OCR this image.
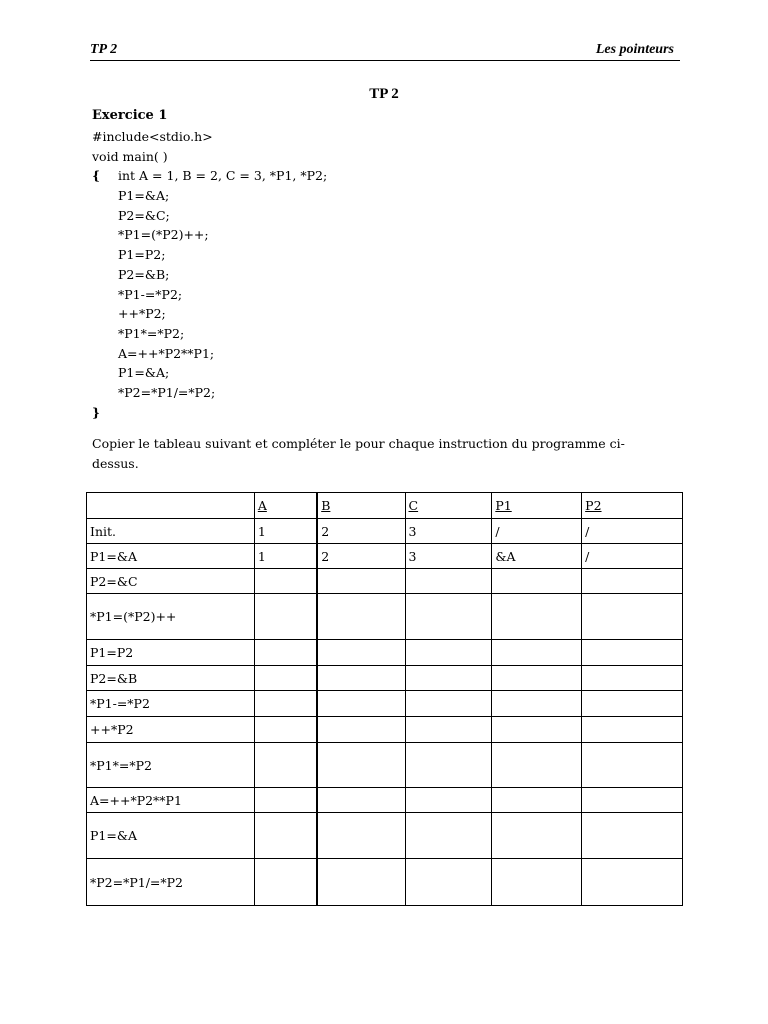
TP 2	Les pointeurs
TP 2
Exercice 1
#include<stdio.h>
void main( )
{ int A = 1, B = 2, C = 3, *P1, *P2;
P1=&A;
P2=&C;
*P1=(*P2)++;
P1=P2;
P2=&B;
*P1-=*P2;
++*P2;
*P1*=*P2;
A=++*P2**P1;
P1=&A;
*P2=*P1/=*P2;
}
Copier le tableau suivant et compléter le pour chaque instruction du programme ci-dessus.
	A	B	C	P1	P2
Init.	1	2	3	/	/
P1=&A	1	2	3	&A	/
P2=&C					
*P1=(*P2)++					
P1=P2					
P2=&B					
*P1-=*P2					
++*P2					
*P1*=*P2					
A=++*P2**P1					
P1=&A					
*P2=*P1/=*P2					
